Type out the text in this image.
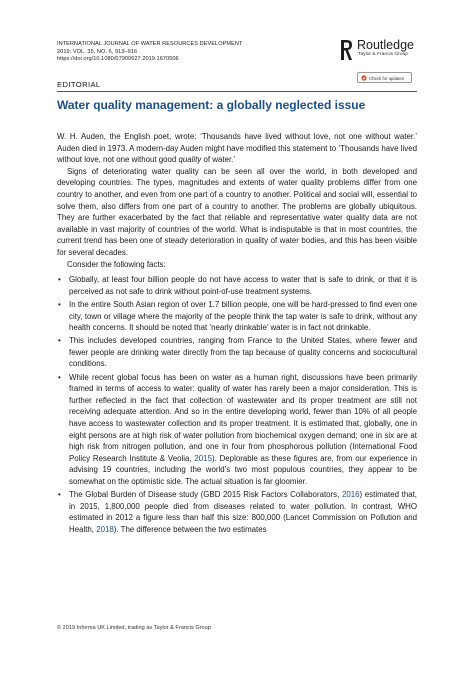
INTERNATIONAL JOURNAL OF WATER RESOURCES DEVELOPMENT
2019, VOL. 35, NO. 6, 913–916
https://doi.org/10.1080/07900627.2019.1670506
Routledge
Taylor & Francis Group
Check for updates
EDITORIAL
Water quality management: a globally neglected issue

W. H. Auden, the English poet, wrote: ‘Thousands have lived without love, not one without water.’ Auden died in 1973. A modern-day Auden might have modified this statement to ‘Thousands have lived without love, not one without good quality of water.’

Signs of deteriorating water quality can be seen all over the world, in both developed and developing countries. The types, magnitudes and extents of water quality problems differ from one country to another, and even from one part of a country to another. Political and social will, essential to solve them, also differs from one part of a country to another. The problems are globally ubiquitous. They are further exacerbated by the fact that reliable and representative water quality data are not available in vast majority of countries of the world. What is indisputable is that in most countries, the current trend has been one of steady deterioration in quality of water bodies, and this has been visible for several decades.

Consider the following facts:

• Globally, at least four billion people do not have access to water that is safe to drink, or that it is perceived as not safe to drink without point-of-use treatment systems.
• In the entire South Asian region of over 1.7 billion people, one will be hard-pressed to find even one city, town or village where the majority of the people think the tap water is safe to drink, without any health concerns. It should be noted that ‘nearly drinkable’ water is in fact not drinkable.
• This includes developed countries, ranging from France to the United States, where fewer and fewer people are drinking water directly from the tap because of quality concerns and sociocultural conditions.
• While recent global focus has been on water as a human right, discussions have been primarily framed in terms of access to water: quality of water has rarely been a major consideration. This is further reflected in the fact that collection of wastewater and its proper treatment are still not receiving adequate attention. And so in the entire developing world, fewer than 10% of all people have access to wastewater collection and its proper treatment. It is estimated that, globally, one in eight persons are at high risk of water pollution from biochemical oxygen demand; one in six are at high risk from nitrogen pollution, and one in four from phosphorous pollution (International Food Policy Research Institute & Veolia, 2015). Deplorable as these figures are, from our experience in advising 19 countries, including the world’s two most populous countries, they appear to be somewhat on the optimistic side. The actual situation is far gloomier.
• The Global Burden of Disease study (GBD 2015 Risk Factors Collaborators, 2016) estimated that, in 2015, 1,800,000 people died from diseases related to water pollution. In contrast, WHO estimated in 2012 a figure less than half this size: 800,000 (Lancet Commission on Pollution and Health, 2018). The difference between the two estimates
© 2019 Informa UK Limited, trading as Taylor & Francis Group
